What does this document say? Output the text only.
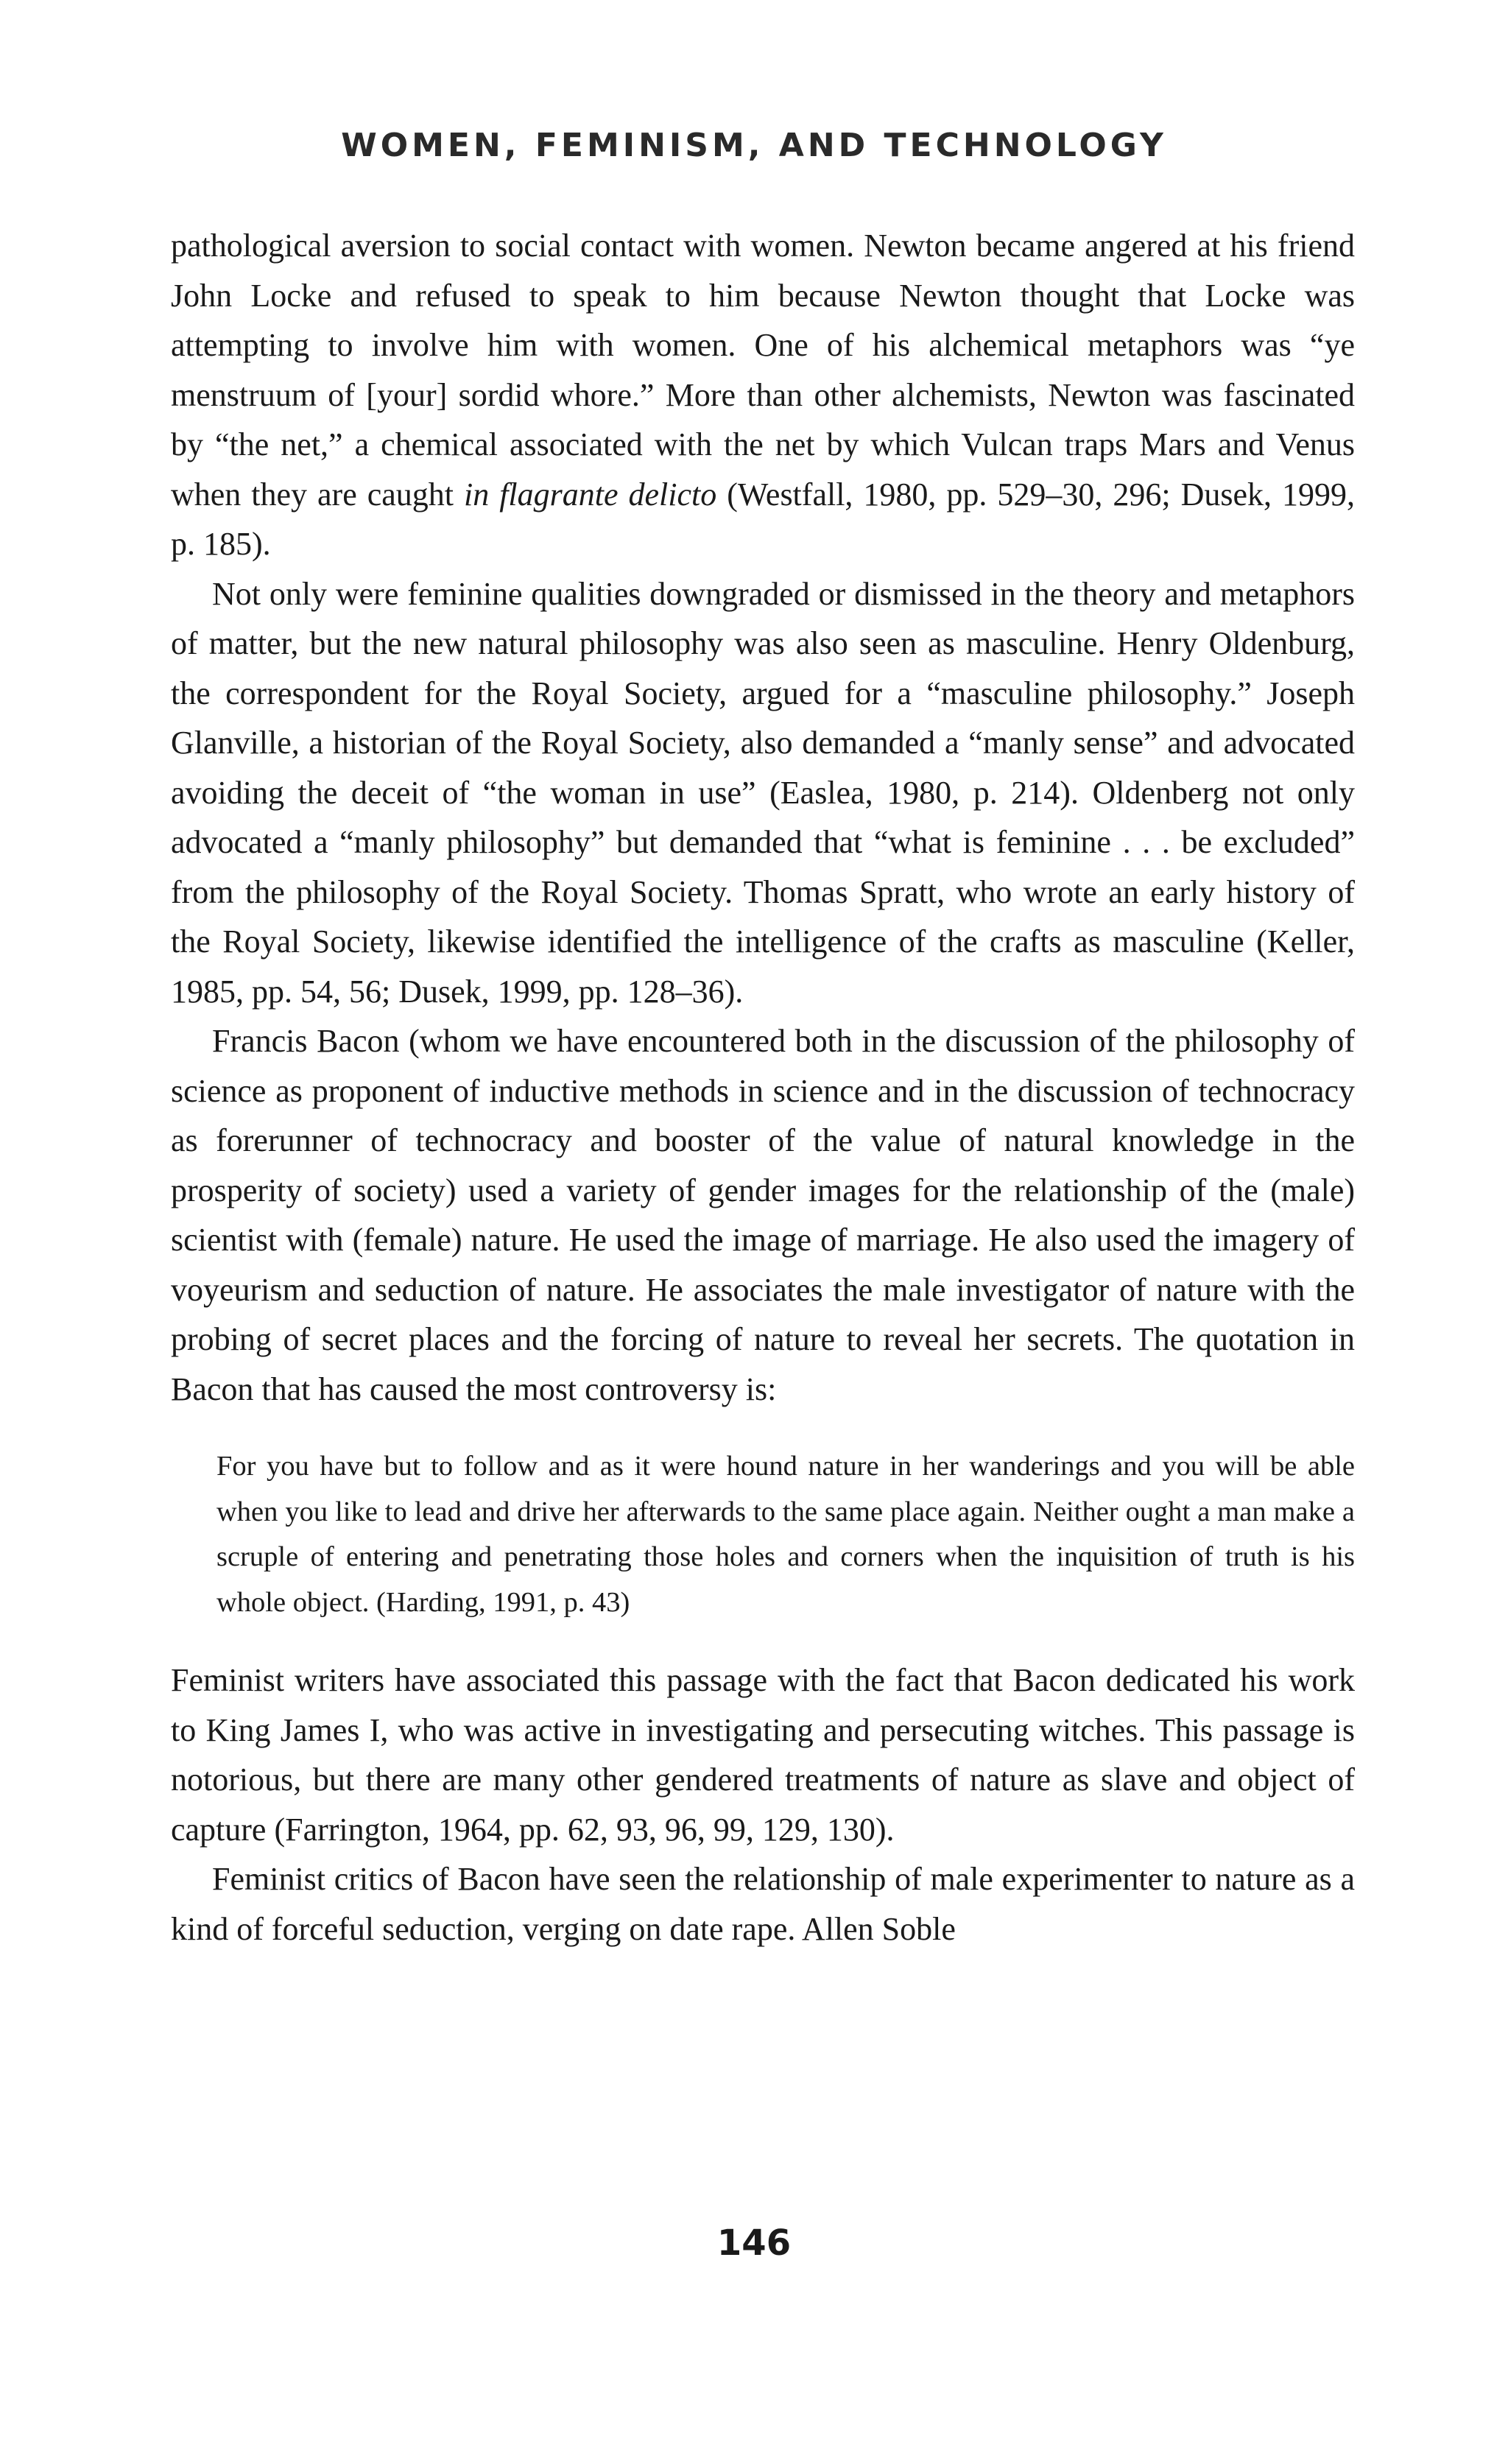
WOMEN, FEMINISM, AND TECHNOLOGY

pathological aversion to social contact with women. Newton became angered at his friend John Locke and refused to speak to him because Newton thought that Locke was attempting to involve him with women. One of his alchemical metaphors was “ye menstruum of [your] sordid whore.” More than other alchemists, Newton was fascinated by “the net,” a chemical associated with the net by which Vulcan traps Mars and Venus when they are caught in flagrante delicto (Westfall, 1980, pp. 529–30, 296; Dusek, 1999, p. 185).

Not only were feminine qualities downgraded or dismissed in the theory and metaphors of matter, but the new natural philosophy was also seen as masculine. Henry Oldenburg, the correspondent for the Royal Society, argued for a “masculine philosophy.” Joseph Glanville, a historian of the Royal Society, also demanded a “manly sense” and advocated avoiding the deceit of “the woman in use” (Easlea, 1980, p. 214). Oldenberg not only advocated a “manly philosophy” but demanded that “what is feminine . . . be excluded” from the philosophy of the Royal Society. Thomas Spratt, who wrote an early history of the Royal Society, likewise identified the intelligence of the crafts as masculine (Keller, 1985, pp. 54, 56; Dusek, 1999, pp. 128–36).

Francis Bacon (whom we have encountered both in the discussion of the philosophy of science as proponent of inductive methods in science and in the discussion of technocracy as forerunner of technocracy and booster of the value of natural knowledge in the prosperity of society) used a variety of gender images for the relationship of the (male) scientist with (female) nature. He used the image of marriage. He also used the imagery of voyeurism and seduction of nature. He associates the male investigator of nature with the probing of secret places and the forcing of nature to reveal her secrets. The quotation in Bacon that has caused the most controversy is:

For you have but to follow and as it were hound nature in her wanderings and you will be able when you like to lead and drive her afterwards to the same place again. Neither ought a man make a scruple of entering and penetrating those holes and corners when the inquisition of truth is his whole object. (Harding, 1991, p. 43)

Feminist writers have associated this passage with the fact that Bacon dedicated his work to King James I, who was active in investigating and persecuting witches. This passage is notorious, but there are many other gendered treatments of nature as slave and object of capture (Farrington, 1964, pp. 62, 93, 96, 99, 129, 130).

Feminist critics of Bacon have seen the relationship of male experimenter to nature as a kind of forceful seduction, verging on date rape. Allen Soble

146
